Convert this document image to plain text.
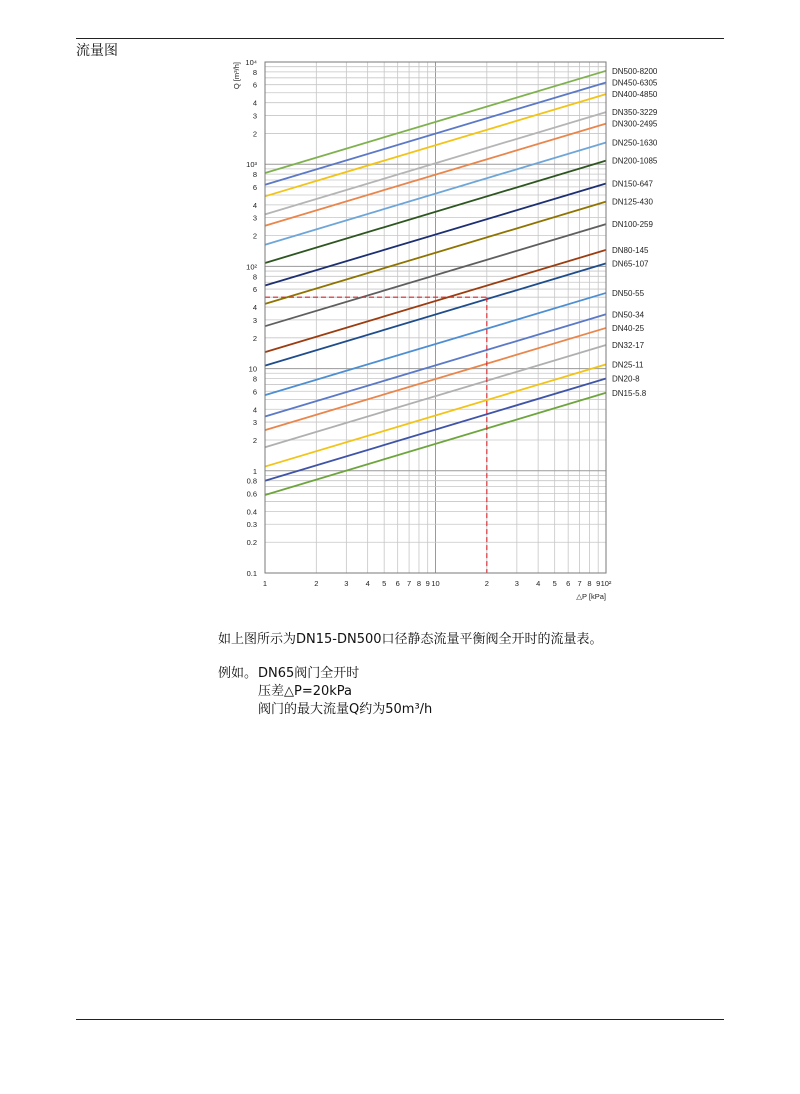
流量图
DN500-8200
DN450-6305
DN400-4850
DN350-3229
DN300-2495
DN250-1630
DN200-1085
DN150-647
DN125-430
DN100-259
DN80-145
DN65-107
DN50-55
DN50-34
DN40-25
DN32-17
DN25-11
DN20-8
DN15-5.8
0.1
0.2
0.3
0.4
0.6
0.8
1
2
3
4
6
8
10
2
3
4
6
8
10²
2
3
4
6
8
10³
2
3
4
6
8
10⁴
1	2	3 4 5 6 7 8 9 10	2	3 4 5 6 7 8 9 10²
Q [m³/h]
△P [kPa]
如上图所示为DN15-DN500口径静态流量平衡阀全开时的流量表。
例如。 DN65阀门全开时
压差△P=20kPa
阀门的最大流量Q约为50m³/h
